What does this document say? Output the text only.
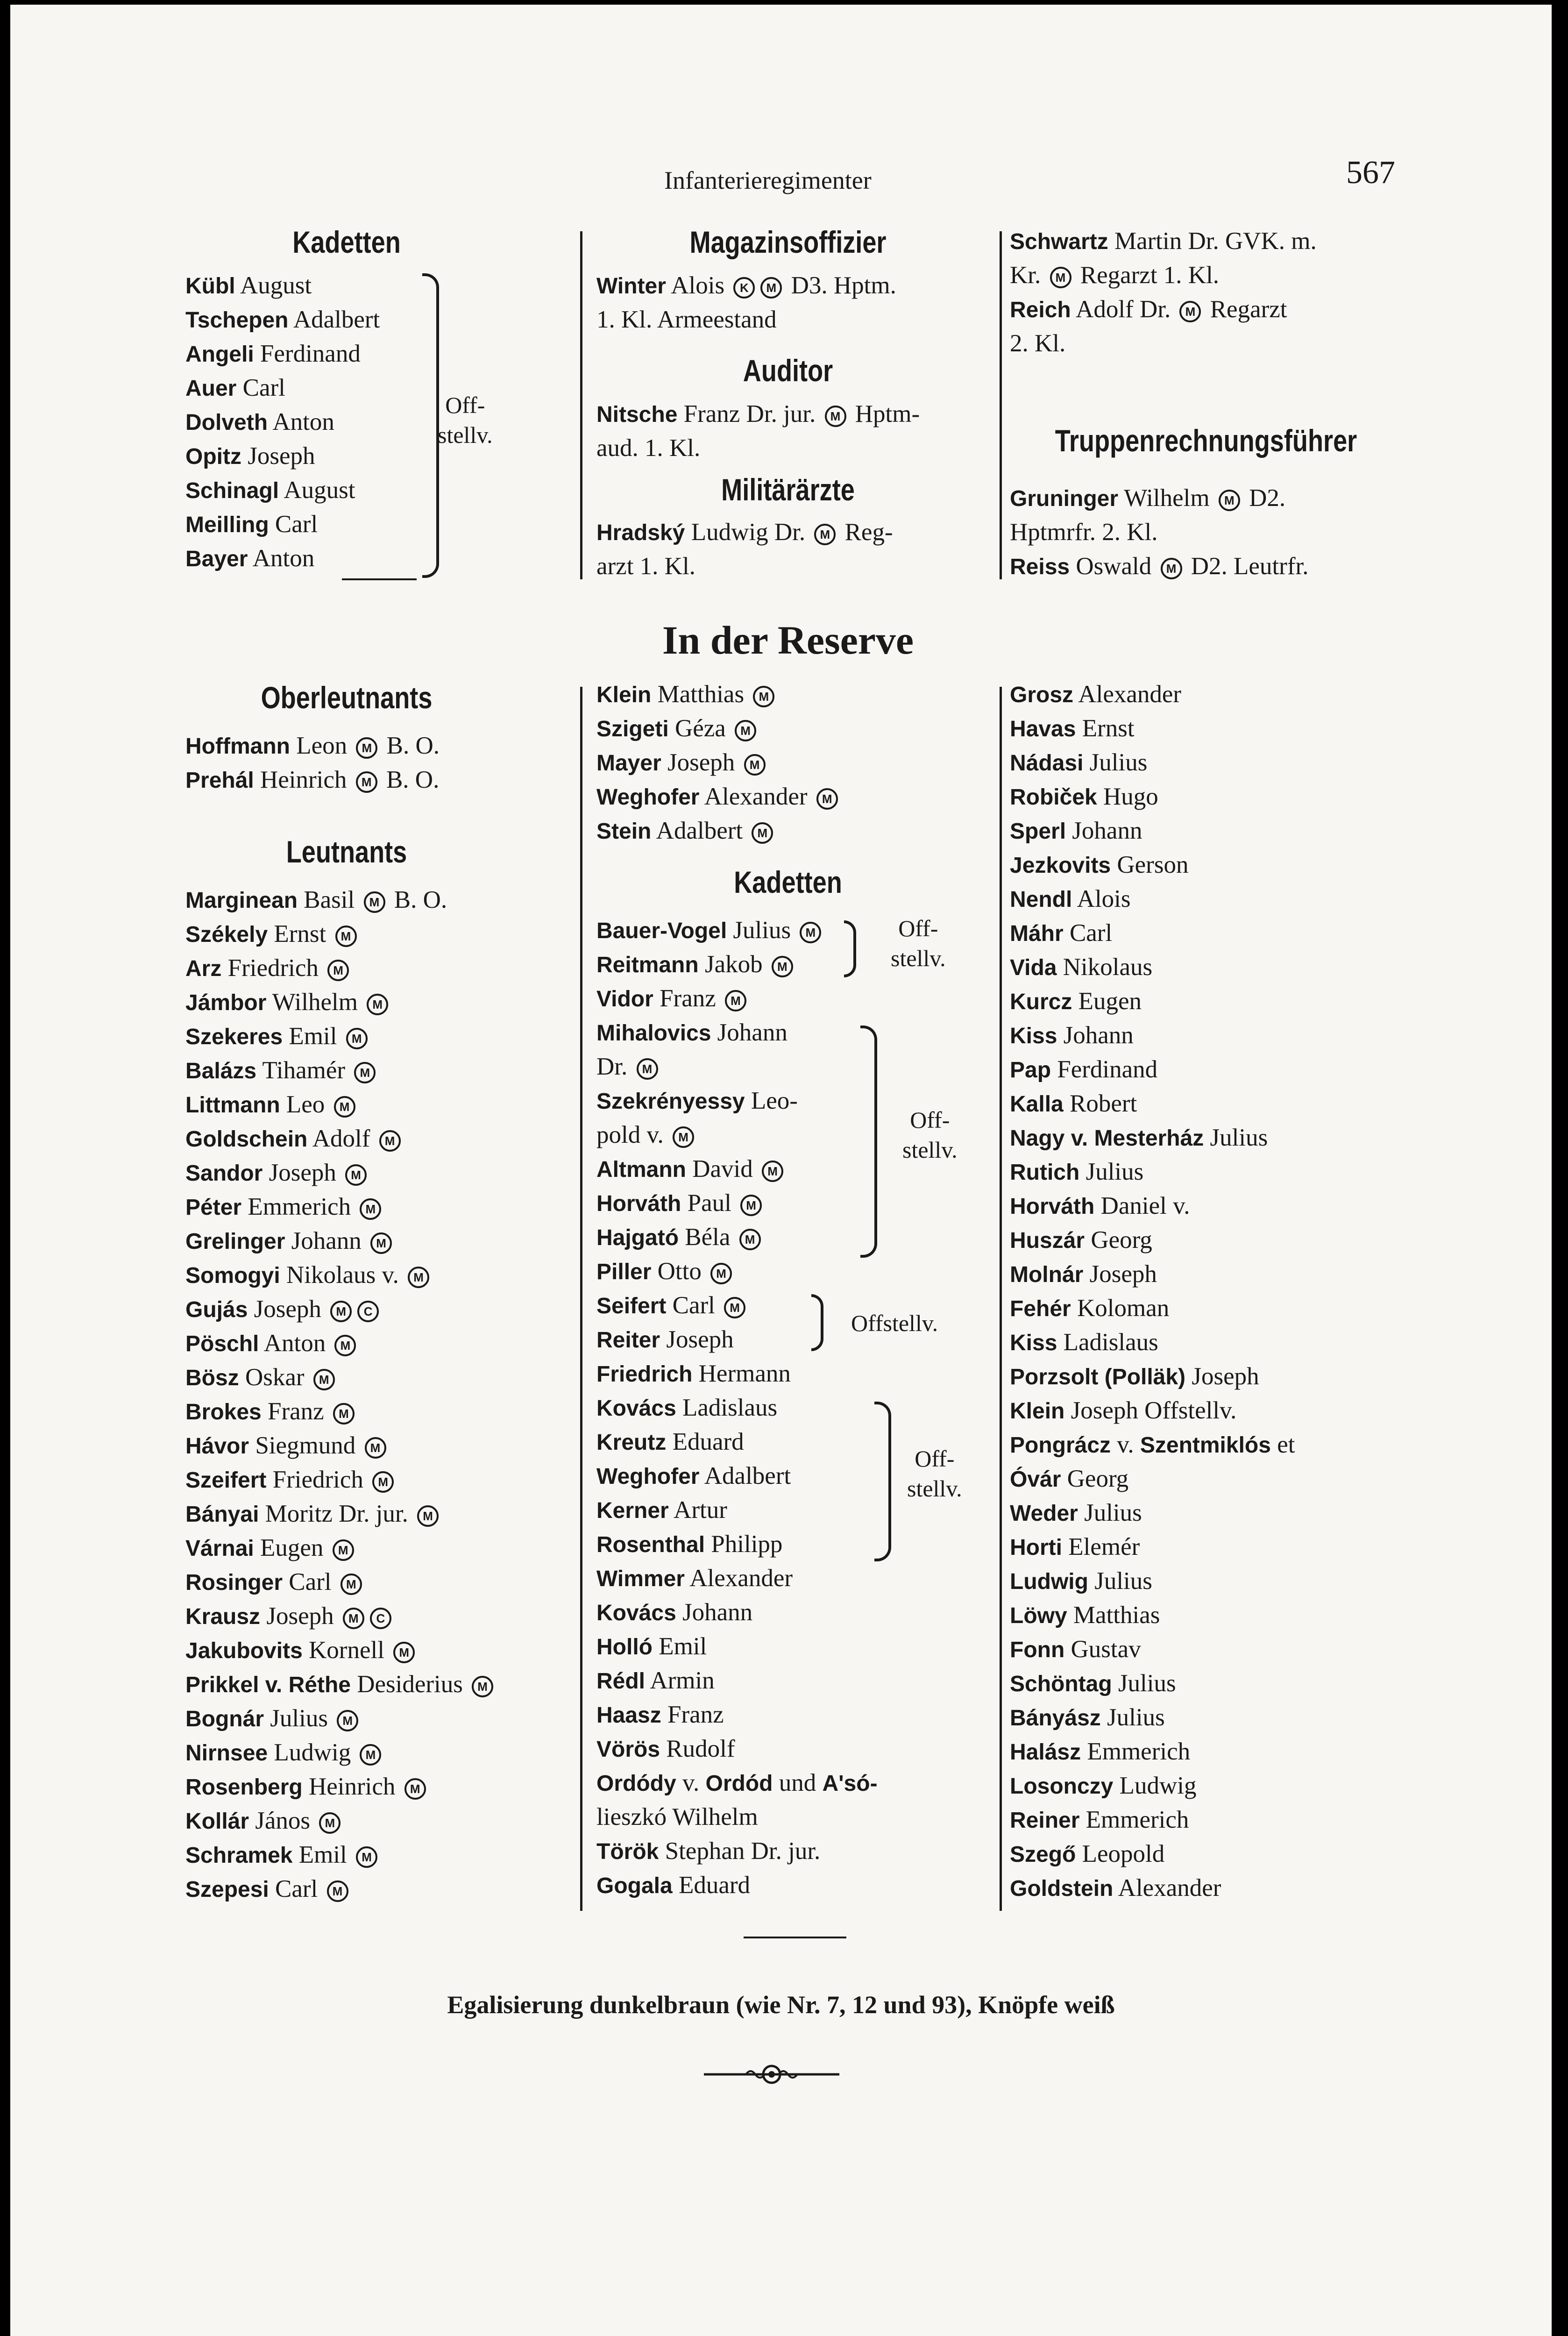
Infanterieregimenter	567
Kadetten
Kübl August
Tschepen Adalbert
Angeli Ferdinand
Auer Carl
Dolveth Anton
Opitz Joseph
Schinagl August
Meilling Carl
Bayer Anton
Off-
stellv.
Magazinsoffizier
Winter Alois K M D3. Hptm.
1. Kl. Armeestand
Auditor
Nitsche Franz Dr. jur. M Hptm-
aud. 1. Kl.
Militärärzte
Hradský Ludwig Dr. M Reg-
arzt 1. Kl.
Schwartz Martin Dr. GVK. m.
Kr. M Regarzt 1. Kl.
Reich Adolf Dr. M Regarzt
2. Kl.
Truppenrechnungsführer
Gruninger Wilhelm M D2.
Hptmrfr. 2. Kl.
Reiss Oswald M D2. Leutrfr.
In der Reserve
Oberleutnants
Hoffmann Leon M B. O.
Prehál Heinrich M B. O.
Leutnants
Marginean Basil M B. O.
Székely Ernst M
Arz Friedrich M
Jámbor Wilhelm M
Szekeres Emil M
Balázs Tihamér M
Littmann Leo M
Goldschein Adolf M
Sandor Joseph M
Péter Emmerich M
Grelinger Johann M
Somogyi Nikolaus v. M
Gujás Joseph M C
Pöschl Anton M
Bösz Oskar M
Brokes Franz M
Hávor Siegmund M
Szeifert Friedrich M
Bányai Moritz Dr. jur. M
Várnai Eugen M
Rosinger Carl M
Krausz Joseph M C
Jakubovits Kornell M
Prikkel v. Réthe Desiderius M
Bognár Julius M
Nirnsee Ludwig M
Rosenberg Heinrich M
Kollár János M
Schramek Emil M
Szepesi Carl M
Klein Matthias M
Szigeti Géza M
Mayer Joseph M
Weghofer Alexander M
Stein Adalbert M
Kadetten
Bauer-Vogel Julius M
Reitmann Jakob M
Vidor Franz M
Mihalovics Johann
Dr. M
Szekrényessy Leo-
pold v. M
Altmann David M
Horváth Paul M
Hajgató Béla M
Piller Otto M
Seifert Carl M
Reiter Joseph
Friedrich Hermann
Kovács Ladislaus
Kreutz Eduard
Weghofer Adalbert
Kerner Artur
Rosenthal Philipp
Wimmer Alexander
Kovács Johann
Holló Emil
Rédl Armin
Haasz Franz
Vörös Rudolf
Ordódy v. Ordód und A'só-
lieszkó Wilhelm
Török Stephan Dr. jur.
Gogala Eduard
Off-
stellv.
Off-
stellv.
Offstellv.
Off-
stellv.
Grosz Alexander
Havas Ernst
Nádasi Julius
Robiček Hugo
Sperl Johann
Jezkovits Gerson
Nendl Alois
Máhr Carl
Vida Nikolaus
Kurcz Eugen
Kiss Johann
Pap Ferdinand
Kalla Robert
Nagy v. Mesterház Julius
Rutich Julius
Horváth Daniel v.
Huszár Georg
Molnár Joseph
Fehér Koloman
Kiss Ladislaus
Porzsolt (Polläk) Joseph
Klein Joseph Offstellv.
Pongrácz v. Szentmiklós et
Óvár Georg
Weder Julius
Horti Elemér
Ludwig Julius
Löwy Matthias
Fonn Gustav
Schöntag Julius
Bányász Julius
Halász Emmerich
Losonczy Ludwig
Reiner Emmerich
Szegő Leopold
Goldstein Alexander
Egalisierung dunkelbraun (wie Nr. 7, 12 und 93), Knöpfe weiß
